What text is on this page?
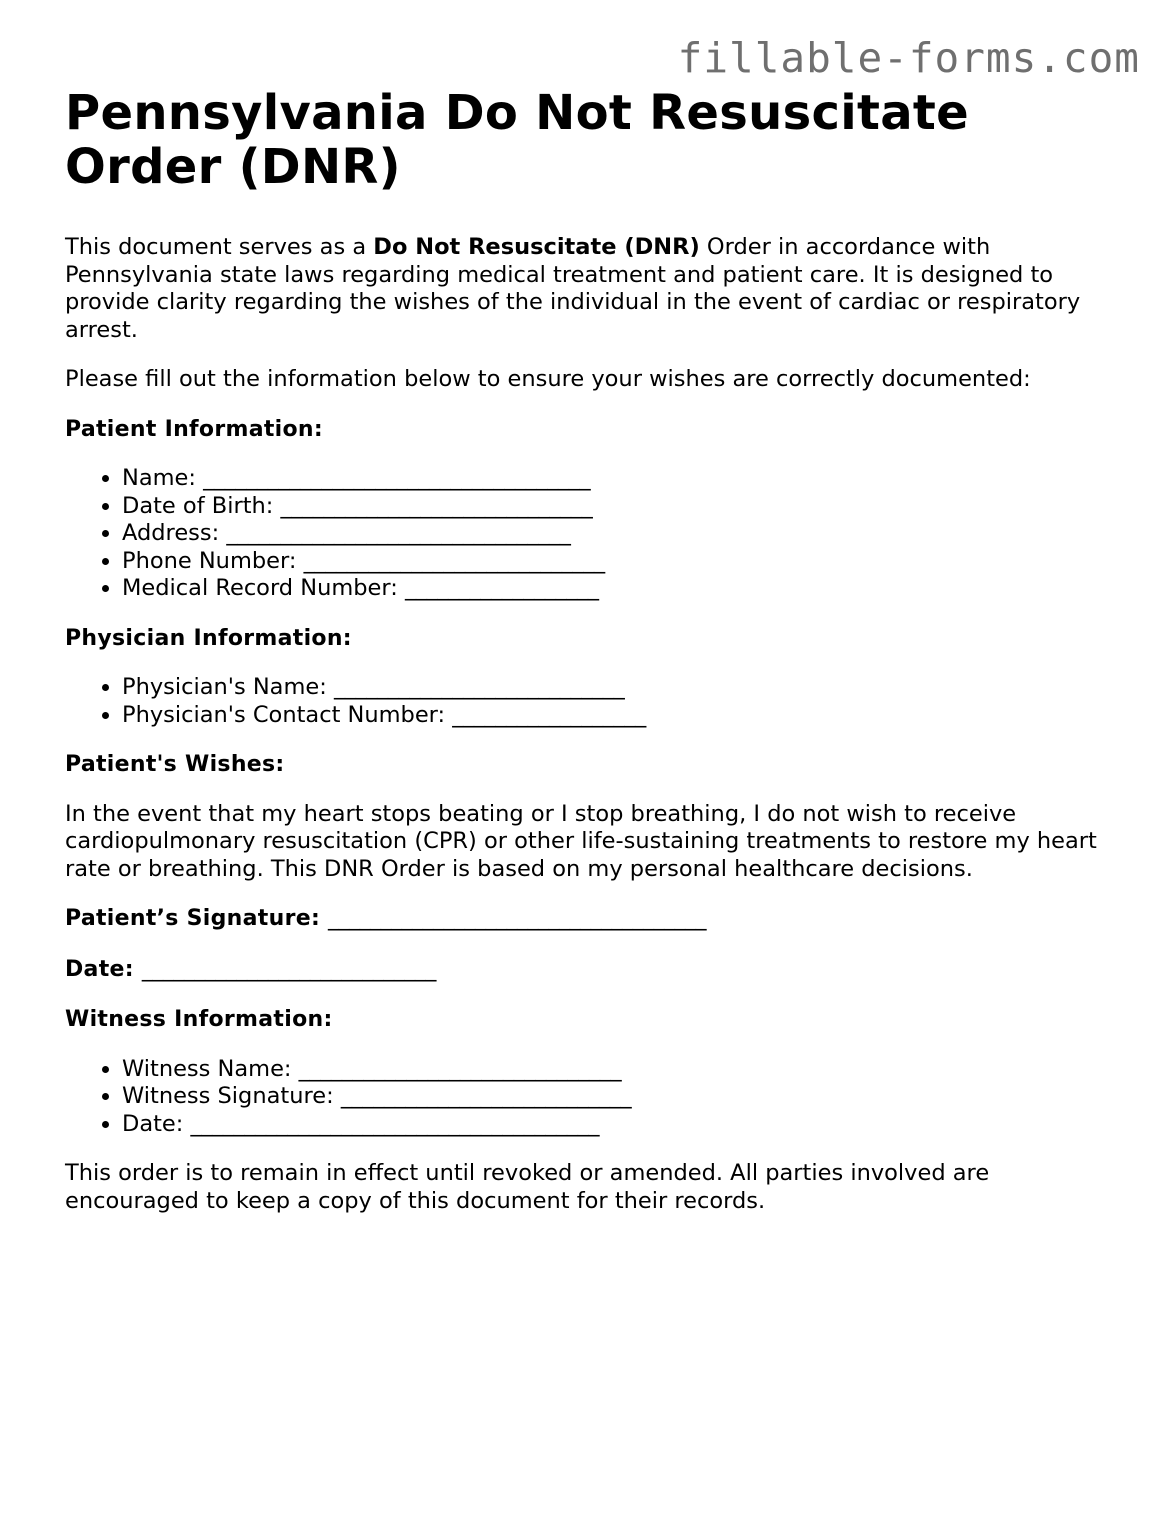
fillable-forms.com
Pennsylvania Do Not Resuscitate Order (DNR)

This document serves as a Do Not Resuscitate (DNR) Order in accordance with Pennsylvania state laws regarding medical treatment and patient care. It is designed to provide clarity regarding the wishes of the individual in the event of cardiac or respiratory arrest.

Please fill out the information below to ensure your wishes are correctly documented:

Patient Information:
• Name: ____________________________________
• Date of Birth: _____________________________
• Address: ________________________________
• Phone Number: ____________________________
• Medical Record Number: __________________
Physician Information:
• Physician's Name: ___________________________
• Physician's Contact Number: __________________
Patient's Wishes:

In the event that my heart stops beating or I stop breathing, I do not wish to receive cardiopulmonary resuscitation (CPR) or other life-sustaining treatments to restore my heart rate or breathing. This DNR Order is based on my personal healthcare decisions.

Patient’s Signature: ____________________________________
Date: ____________________________
Witness Information:
• Witness Name: ______________________________
• Witness Signature: ___________________________
• Date: ______________________________________

This order is to remain in effect until revoked or amended. All parties involved are encouraged to keep a copy of this document for their records.
